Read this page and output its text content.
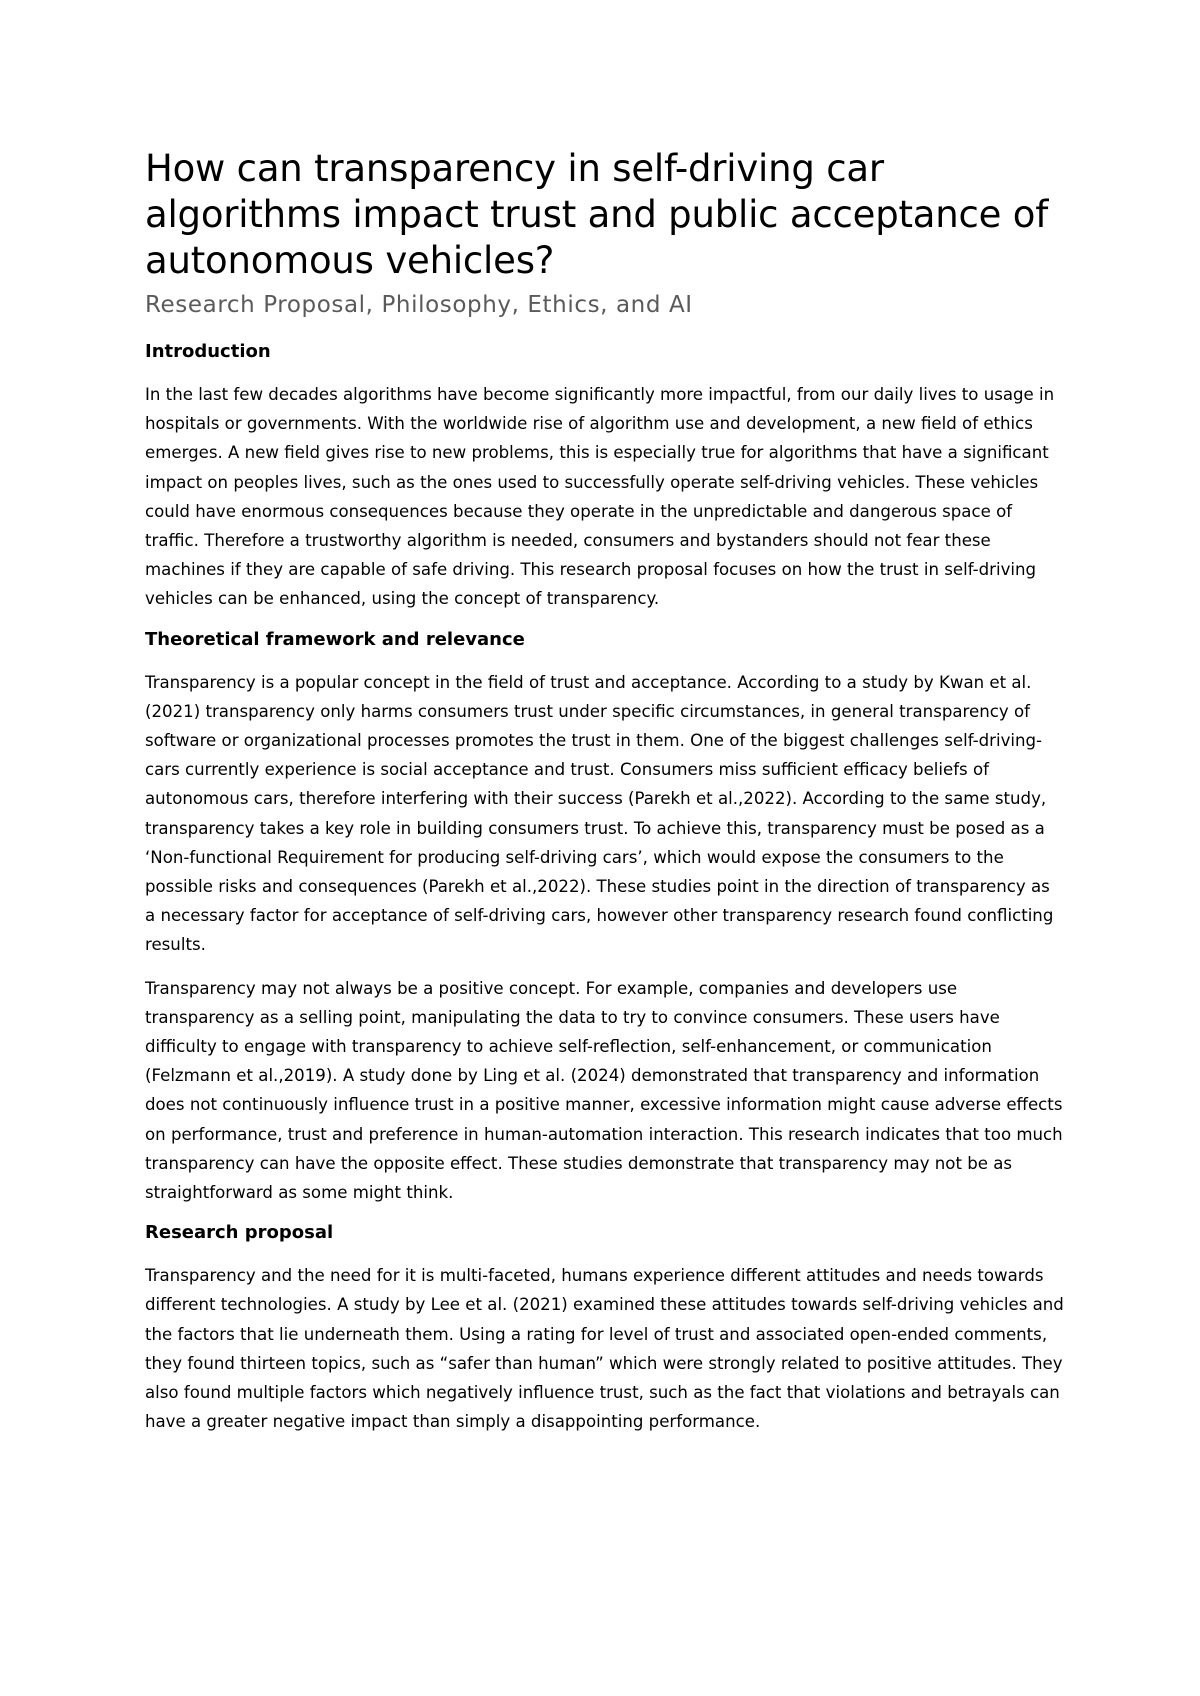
How can transparency in self-driving car algorithms impact trust and public acceptance of autonomous vehicles?
Research Proposal, Philosophy, Ethics, and AI
Introduction

In the last few decades algorithms have become significantly more impactful, from our daily lives to usage in hospitals or governments. With the worldwide rise of algorithm use and development, a new field of ethics emerges. A new field gives rise to new problems, this is especially true for algorithms that have a significant impact on peoples lives, such as the ones used to successfully operate self-driving vehicles. These vehicles could have enormous consequences because they operate in the unpredictable and dangerous space of traffic. Therefore a trustworthy algorithm is needed, consumers and bystanders should not fear these machines if they are capable of safe driving. This research proposal focuses on how the trust in self-driving vehicles can be enhanced, using the concept of transparency.

Theoretical framework and relevance

Transparency is a popular concept in the field of trust and acceptance. According to a study by Kwan et al. (2021) transparency only harms consumers trust under specific circumstances, in general transparency of software or organizational processes promotes the trust in them. One of the biggest challenges self-driving-cars currently experience is social acceptance and trust. Consumers miss sufficient efficacy beliefs of autonomous cars, therefore interfering with their success (Parekh et al.,2022). According to the same study, transparency takes a key role in building consumers trust. To achieve this, transparency must be posed as a ‘Non-functional Requirement for producing self-driving cars’, which would expose the consumers to the possible risks and consequences (Parekh et al.,2022). These studies point in the direction of transparency as a necessary factor for acceptance of self-driving cars, however other transparency research found conflicting results.

Transparency may not always be a positive concept. For example, companies and developers use transparency as a selling point, manipulating the data to try to convince consumers. These users have difficulty to engage with transparency to achieve self-reflection, self-enhancement, or communication (Felzmann et al.,2019). A study done by Ling et al. (2024) demonstrated that transparency and information does not continuously influence trust in a positive manner, excessive information might cause adverse effects on performance, trust and preference in human-automation interaction. This research indicates that too much transparency can have the opposite effect. These studies demonstrate that transparency may not be as straightforward as some might think.

Research proposal

Transparency and the need for it is multi-faceted, humans experience different attitudes and needs towards different technologies. A study by Lee et al. (2021) examined these attitudes towards self-driving vehicles and the factors that lie underneath them. Using a rating for level of trust and associated open-ended comments, they found thirteen topics, such as “safer than human” which were strongly related to positive attitudes. They also found multiple factors which negatively influence trust, such as the fact that violations and betrayals can have a greater negative impact than simply a disappointing performance.
